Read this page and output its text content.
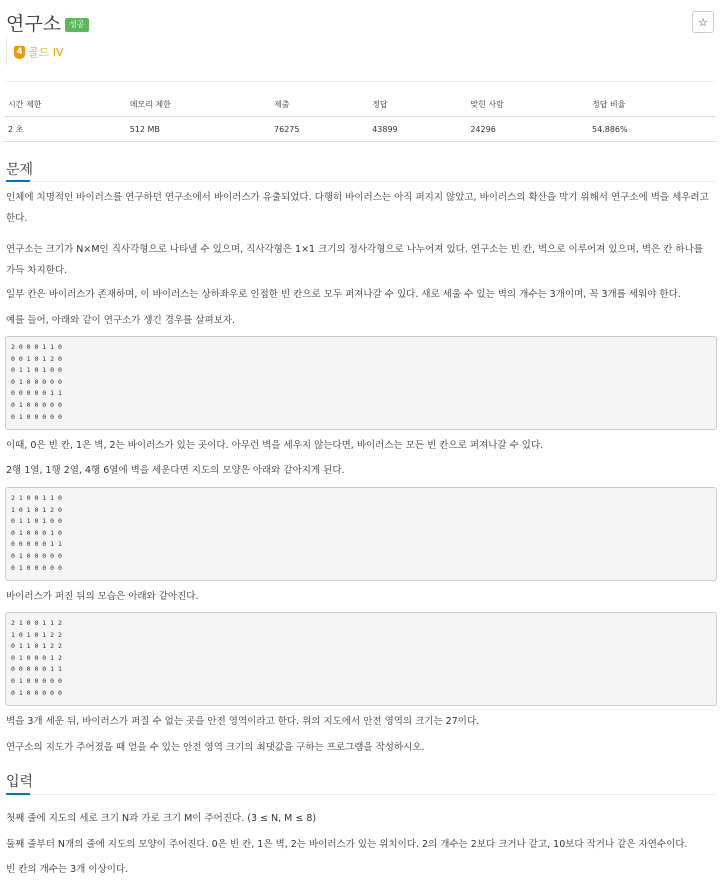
연구소	성공	☆
4 골드 IV
시간 제한	메모리 제한	제출	정답	맞힌 사람	정답 비율
2 초	512 MB	76275	43899	24296	54.886%
문제
인체에 치명적인 바이러스를 연구하던 연구소에서 바이러스가 유출되었다. 다행히 바이러스는 아직 퍼지지 않았고, 바이러스의 확산을 막기 위해서 연구소에 벽을 세우려고 한다.
연구소는 크기가 N×M인 직사각형으로 나타낼 수 있으며, 직사각형은 1×1 크기의 정사각형으로 나누어져 있다. 연구소는 빈 칸, 벽으로 이루어져 있으며, 벽은 칸 하나를 가득 차지한다.
일부 칸은 바이러스가 존재하며, 이 바이러스는 상하좌우로 인접한 빈 칸으로 모두 퍼져나갈 수 있다. 새로 세울 수 있는 벽의 개수는 3개이며, 꼭 3개를 세워야 한다.
예를 들어, 아래와 같이 연구소가 생긴 경우를 살펴보자.
2 0 0 0 1 1 0
0 0 1 0 1 2 0
0 1 1 0 1 0 0
0 1 0 0 0 0 0
0 0 0 0 0 1 1
0 1 0 0 0 0 0
0 1 0 0 0 0 0
이때, 0은 빈 칸, 1은 벽, 2는 바이러스가 있는 곳이다. 아무런 벽을 세우지 않는다면, 바이러스는 모든 빈 칸으로 퍼져나갈 수 있다.
2행 1열, 1행 2열, 4행 6열에 벽을 세운다면 지도의 모양은 아래와 같아지게 된다.
2 1 0 0 1 1 0
1 0 1 0 1 2 0
0 1 1 0 1 0 0
0 1 0 0 0 1 0
0 0 0 0 0 1 1
0 1 0 0 0 0 0
0 1 0 0 0 0 0
바이러스가 퍼진 뒤의 모습은 아래와 같아진다.
2 1 0 0 1 1 2
1 0 1 0 1 2 2
0 1 1 0 1 2 2
0 1 0 0 0 1 2
0 0 0 0 0 1 1
0 1 0 0 0 0 0
0 1 0 0 0 0 0
벽을 3개 세운 뒤, 바이러스가 퍼질 수 없는 곳을 안전 영역이라고 한다. 위의 지도에서 안전 영역의 크기는 27이다.
연구소의 지도가 주어졌을 때 얻을 수 있는 안전 영역 크기의 최댓값을 구하는 프로그램을 작성하시오.
입력
첫째 줄에 지도의 세로 크기 N과 가로 크기 M이 주어진다. (3 ≤ N, M ≤ 8)
둘째 줄부터 N개의 줄에 지도의 모양이 주어진다. 0은 빈 칸, 1은 벽, 2는 바이러스가 있는 위치이다. 2의 개수는 2보다 크거나 같고, 10보다 작거나 같은 자연수이다.
빈 칸의 개수는 3개 이상이다.
